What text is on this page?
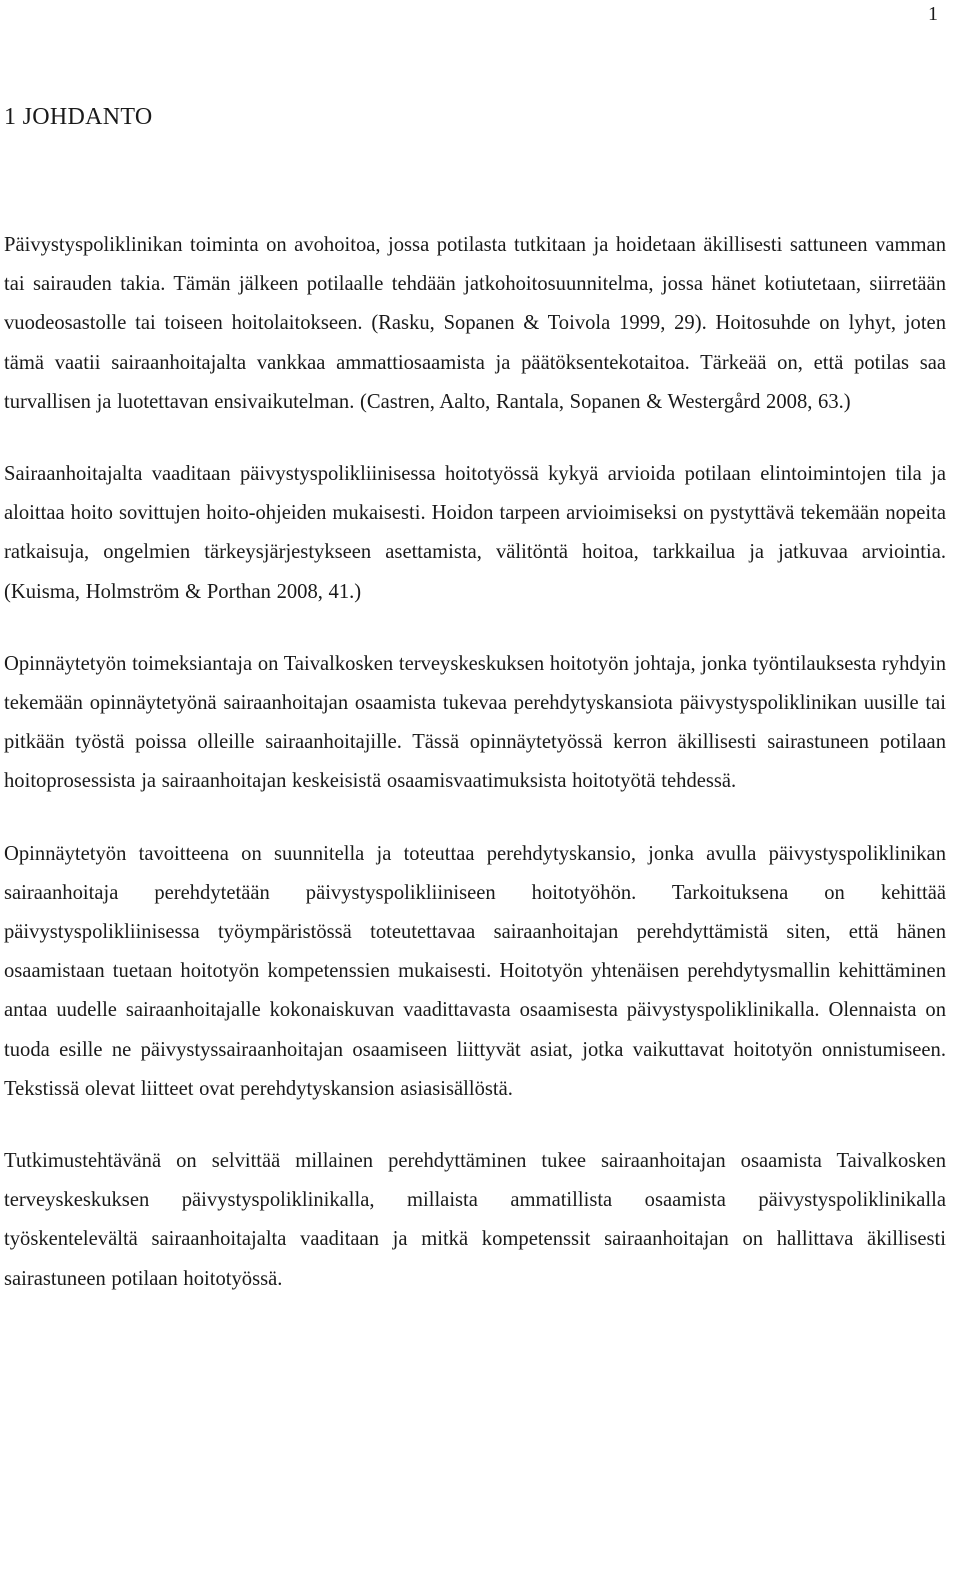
1
1 JOHDANTO

Päivystyspoliklinikan toiminta on avohoitoa, jossa potilasta tutkitaan ja hoidetaan äkillisesti sattuneen vamman tai sairauden takia. Tämän jälkeen potilaalle tehdään jatkohoitosuunnitelma, jossa hänet kotiutetaan, siirretään vuodeosastolle tai toiseen hoitolaitokseen. (Rasku, Sopanen & Toivola 1999, 29). Hoitosuhde on lyhyt, joten tämä vaatii sairaanhoitajalta vankkaa ammattiosaamista ja päätöksentekotaitoa. Tärkeää on, että potilas saa turvallisen ja luotettavan ensivaikutelman. (Castren, Aalto, Rantala, Sopanen & Westergård 2008, 63.)

Sairaanhoitajalta vaaditaan päivystyspolikliinisessa hoitotyössä kykyä arvioida potilaan elintoimintojen tila ja aloittaa hoito sovittujen hoito-ohjeiden mukaisesti. Hoidon tarpeen arvioimiseksi on pystyttävä tekemään nopeita ratkaisuja, ongelmien tärkeysjärjestykseen asettamista, välitöntä hoitoa, tarkkailua ja jatkuvaa arviointia. (Kuisma, Holmström & Porthan 2008, 41.)

Opinnäytetyön toimeksiantaja on Taivalkosken terveyskeskuksen hoitotyön johtaja, jonka työntilauksesta ryhdyin tekemään opinnäytetyönä sairaanhoitajan osaamista tukevaa perehdytyskansiota päivystyspoliklinikan uusille tai pitkään työstä poissa olleille sairaanhoitajille. Tässä opinnäytetyössä kerron äkillisesti sairastuneen potilaan hoitoprosessista ja sairaanhoitajan keskeisistä osaamisvaatimuksista hoitotyötä tehdessä.

Opinnäytetyön tavoitteena on suunnitella ja toteuttaa perehdytyskansio, jonka avulla päivystyspoliklinikan sairaanhoitaja perehdytetään päivystyspolikliiniseen hoitotyöhön. Tarkoituksena on kehittää päivystyspolikliinisessa työympäristössä toteutettavaa sairaanhoitajan perehdyttämistä siten, että hänen osaamistaan tuetaan hoitotyön kompetenssien mukaisesti. Hoitotyön yhtenäisen perehdytysmallin kehittäminen antaa uudelle sairaanhoitajalle kokonaiskuvan vaadittavasta osaamisesta päivystyspoliklinikalla. Olennaista on tuoda esille ne päivystyssairaanhoitajan osaamiseen liittyvät asiat, jotka vaikuttavat hoitotyön onnistumiseen. Tekstissä olevat liitteet ovat perehdytyskansion asiasisällöstä.

Tutkimustehtävänä on selvittää millainen perehdyttäminen tukee sairaanhoitajan osaamista Taivalkosken terveyskeskuksen päivystyspoliklinikalla, millaista ammatillista osaamista päivystyspoliklinikalla työskentelevältä sairaanhoitajalta vaaditaan ja mitkä kompetenssit sairaanhoitajan on hallittava äkillisesti sairastuneen potilaan hoitotyössä.
